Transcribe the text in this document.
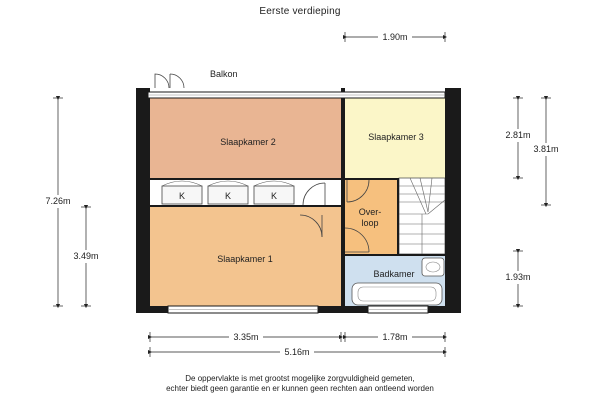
Eerste verdieping
K	K	K
Slaapkamer 2	Slaapkamer 3
Slaapkamer 1
Over-
loop
Badkamer
Balkon
1.90m
7.26m
3.49m
2.81m
3.81m
1.93m
3.35m	1.78m
5.16m
De oppervlakte is met grootst mogelijke zorgvuldigheid gemeten,
echter biedt geen garantie en er kunnen geen rechten aan ontleend worden
